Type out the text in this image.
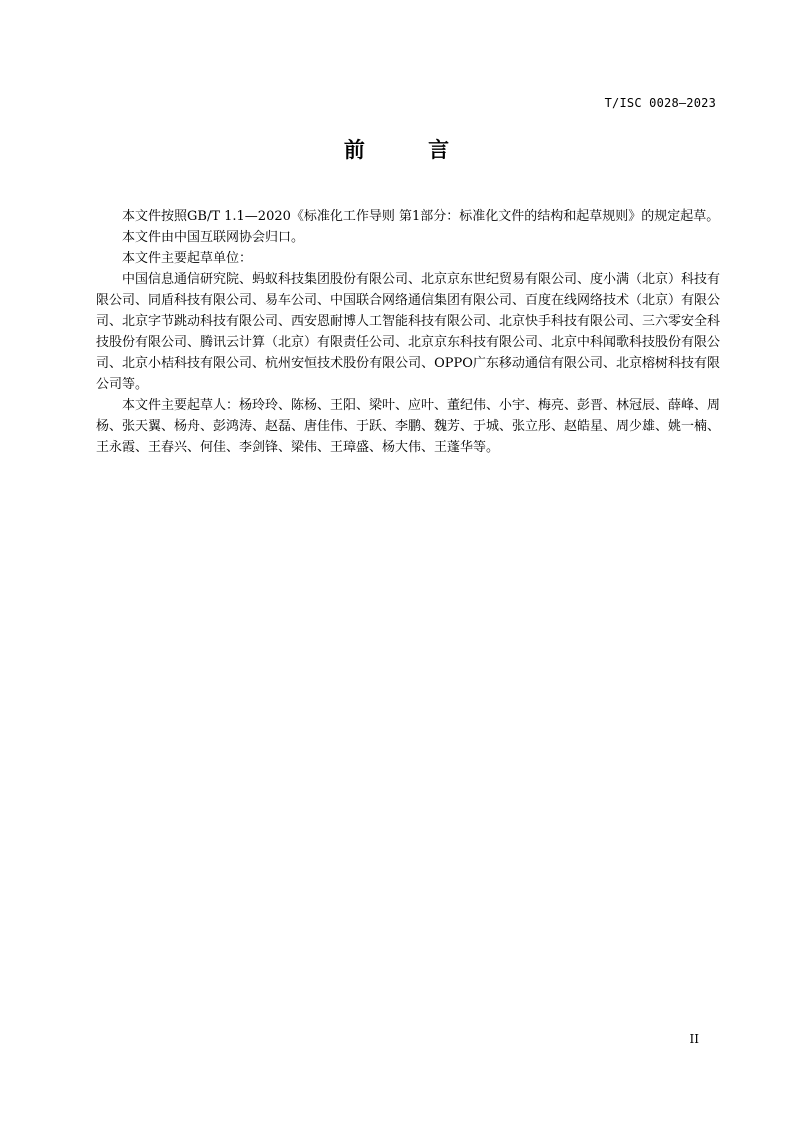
T/ISC 0028—2023
前 言

本文件按照GB/T 1.1—2020《标准化工作导则 第1部分：标准化文件的结构和起草规则》的规定起草。

本文件由中国互联网协会归口。

本文件主要起草单位：

中国信息通信研究院、蚂蚁科技集团股份有限公司、北京京东世纪贸易有限公司、度小满（北京）科技有限公司、同盾科技有限公司、易车公司、中国联合网络通信集团有限公司、百度在线网络技术（北京）有限公司、北京字节跳动科技有限公司、西安恩耐博人工智能科技有限公司、北京快手科技有限公司、三六零安全科技股份有限公司、腾讯云计算（北京）有限责任公司、北京京东科技有限公司、北京中科闻歌科技股份有限公司、北京小桔科技有限公司、杭州安恒技术股份有限公司、OPPO广东移动通信有限公司、北京榕树科技有限公司等。

本文件主要起草人：杨玲玲、陈杨、王阳、梁叶、应叶、董纪伟、小宇、梅亮、彭晋、林冠辰、薛峰、周杨、张天翼、杨舟、彭鸿涛、赵磊、唐佳伟、于跃、李鹏、魏芳、于城、张立彤、赵皓星、周少雄、姚一楠、王永霞、王春兴、何佳、李剑锋、梁伟、王璋盛、杨大伟、王蓬华等。

II
